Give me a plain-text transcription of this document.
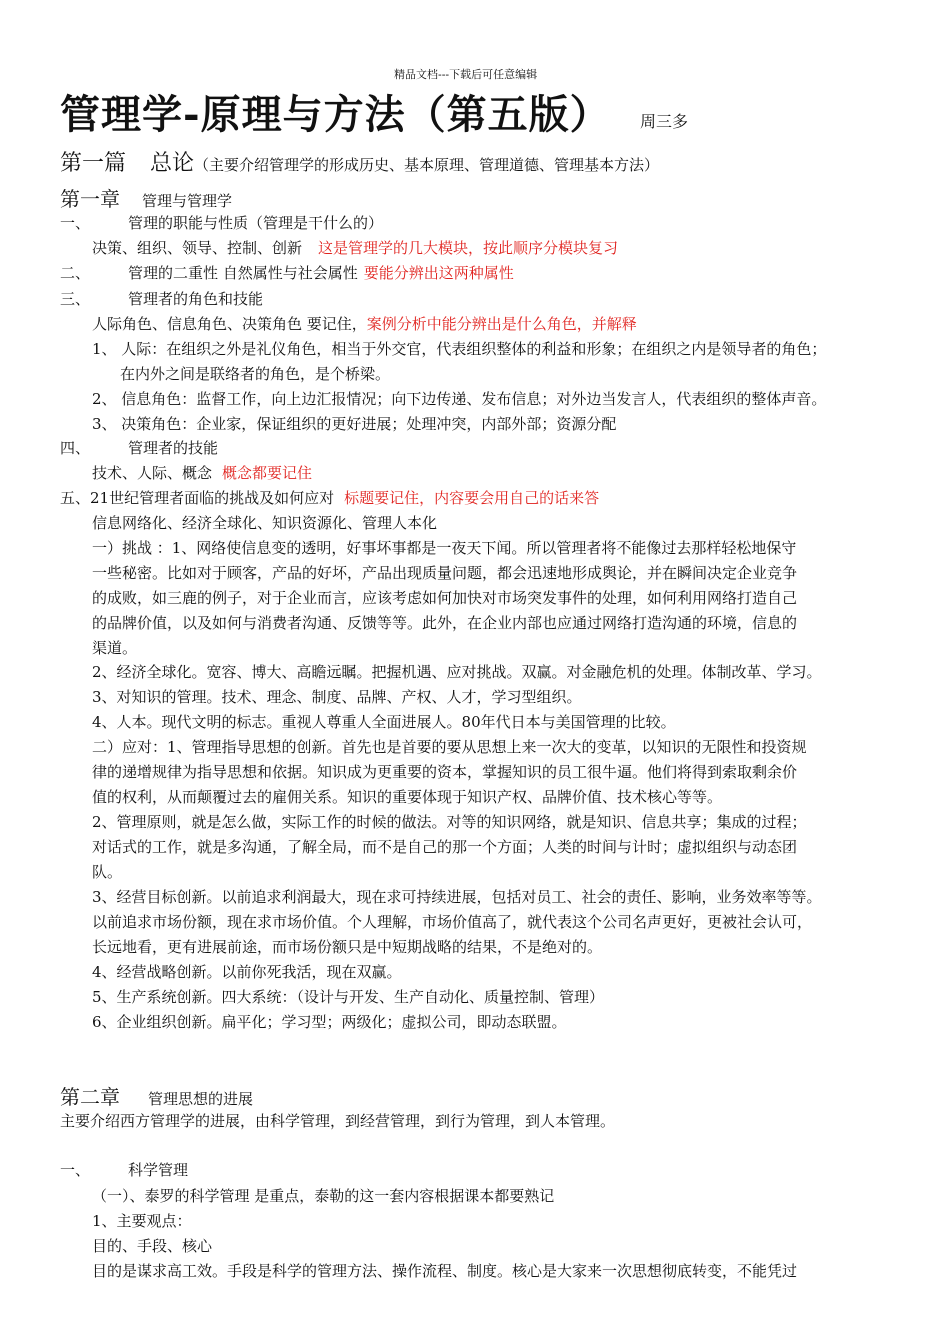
精品文档---下载后可任意编辑
管理学-原理与方法（第五版） 周三多
第一篇 总论（主要介绍管理学的形成历史、基本原理、管理道德、管理基本方法）
第一章 管理与管理学
一、	管理的职能与性质（管理是干什么的）
决策、组织、领导、控制、创新 这是管理学的几大模块，按此顺序分模块复习
二、	管理的二重性 自然属性与社会属性 要能分辨出这两种属性
三、	管理者的角色和技能
人际角色、信息角色、决策角色 要记住，案例分析中能分辨出是什么角色，并解释
1、 人际：在组织之外是礼仪角色，相当于外交官，代表组织整体的利益和形象；在组织之内是领导者的角色；
在内外之间是联络者的角色，是个桥梁。
2、 信息角色：监督工作，向上边汇报情况；向下边传递、发布信息；对外边当发言人，代表组织的整体声音。
3、 决策角色：企业家，保证组织的更好进展；处理冲突，内部外部；资源分配
四、	管理者的技能
技术、人际、概念 概念都要记住
五、21世纪管理者面临的挑战及如何应对 标题要记住，内容要会用自己的话来答
信息网络化、经济全球化、知识资源化、管理人本化
一）挑战 ：1、网络使信息变的透明，好事坏事都是一夜天下闻。所以管理者将不能像过去那样轻松地保守
一些秘密。比如对于顾客，产品的好坏，产品出现质量问题，都会迅速地形成舆论，并在瞬间决定企业竞争
的成败，如三鹿的例子，对于企业而言，应该考虑如何加快对市场突发事件的处理，如何利用网络打造自己
的品牌价值，以及如何与消费者沟通、反馈等等。此外，在企业内部也应通过网络打造沟通的环境，信息的
渠道。
2、经济全球化。宽容、博大、高瞻远瞩。把握机遇、应对挑战。双赢。对金融危机的处理。体制改革、学习。
3、对知识的管理。技术、理念、制度、品牌、产权、人才，学习型组织。
4、人本。现代文明的标志。重视人尊重人全面进展人。80年代日本与美国管理的比较。
二）应对：1、管理指导思想的创新。首先也是首要的要从思想上来一次大的变革，以知识的无限性和投资规
律的递增规律为指导思想和依据。知识成为更重要的资本，掌握知识的员工很牛逼。他们将得到索取剩余价
值的权利，从而颠覆过去的雇佣关系。知识的重要体现于知识产权、品牌价值、技术核心等等。
2、管理原则，就是怎么做，实际工作的时候的做法。对等的知识网络，就是知识、信息共享；集成的过程；
对话式的工作，就是多沟通，了解全局，而不是自己的那一个方面；人类的时间与计时；虚拟组织与动态团
队。
3、经营目标创新。以前追求利润最大，现在求可持续进展，包括对员工、社会的责任、影响，业务效率等等。
以前追求市场份额，现在求市场价值。个人理解，市场价值高了，就代表这个公司名声更好，更被社会认可，
长远地看，更有进展前途，而市场份额只是中短期战略的结果，不是绝对的。
4、经营战略创新。以前你死我活，现在双赢。
5、生产系统创新。四大系统：（设计与开发、生产自动化、质量控制、管理）
6、企业组织创新。扁平化；学习型；两级化；虚拟公司，即动态联盟。
第二章 管理思想的进展
主要介绍西方管理学的进展，由科学管理，到经营管理，到行为管理，到人本管理。
一、	科学管理
（一）、泰罗的科学管理 是重点，泰勒的这一套内容根据课本都要熟记
1、主要观点：
目的、手段、核心
目的是谋求高工效。手段是科学的管理方法、操作流程、制度。核心是大家来一次思想彻底转变，不能凭过
